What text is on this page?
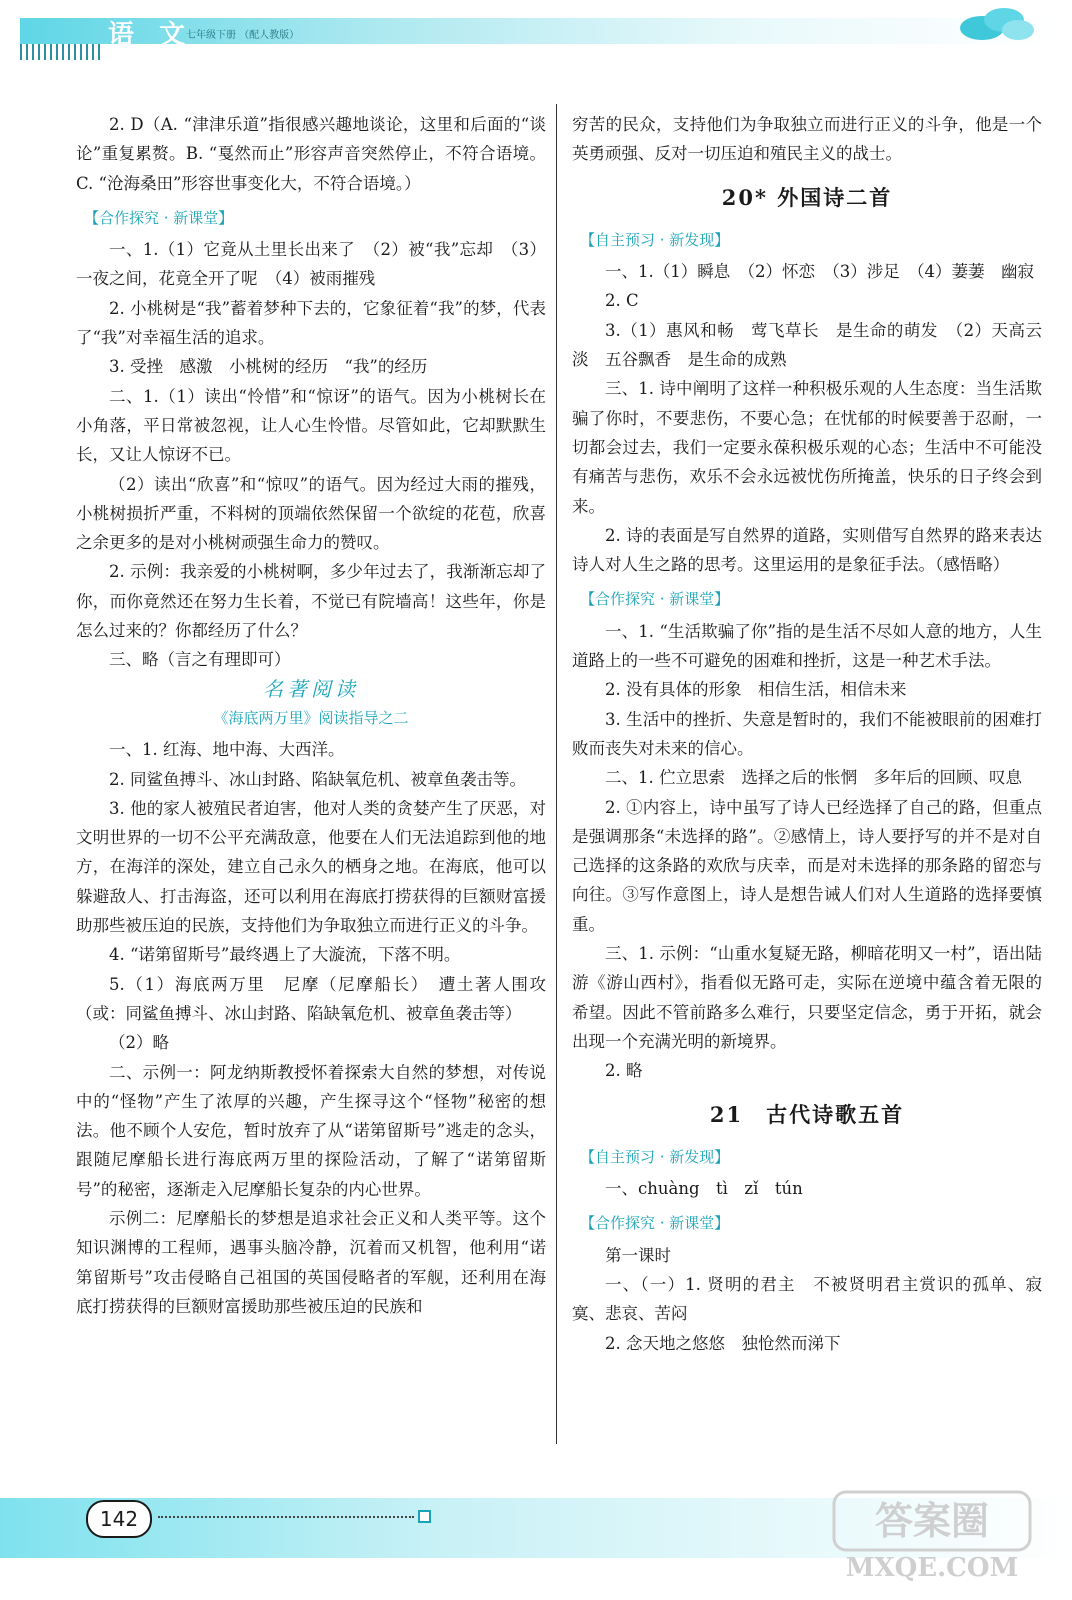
语 文
七年级下册 （配人教版）

2. D（A. “津津乐道”指很感兴趣地谈论，这里和后面的“谈论”重复累赘。B. “戛然而止”形容声音突然停止，不符合语境。C. “沧海桑田”形容世事变化大，不符合语境。）

【合作探究 · 新课堂】

一、1.（1）它竟从土里长出来了　（2）被“我”忘却　（3）一夜之间，花竟全开了呢　（4）被雨摧残

2. 小桃树是“我”蓄着梦种下去的，它象征着“我”的梦，代表了“我”对幸福生活的追求。

3. 受挫　感激　小桃树的经历　“我”的经历

二、1.（1）读出“怜惜”和“惊讶”的语气。因为小桃树长在小角落，平日常被忽视，让人心生怜惜。尽管如此，它却默默生长，又让人惊讶不已。

（2）读出“欣喜”和“惊叹”的语气。因为经过大雨的摧残，小桃树损折严重，不料树的顶端依然保留一个欲绽的花苞，欣喜之余更多的是对小桃树顽强生命力的赞叹。

2. 示例：我亲爱的小桃树啊，多少年过去了，我渐渐忘却了你，而你竟然还在努力生长着，不觉已有院墙高！这些年，你是怎么过来的？你都经历了什么？

三、略（言之有理即可）

名著阅读
《海底两万里》阅读指导之二

一、1. 红海、地中海、大西洋。

2. 同鲨鱼搏斗、冰山封路、陷缺氧危机、被章鱼袭击等。

3. 他的家人被殖民者迫害，他对人类的贪婪产生了厌恶，对文明世界的一切不公平充满敌意，他要在人们无法追踪到他的地方，在海洋的深处，建立自己永久的栖身之地。在海底，他可以躲避敌人、打击海盗，还可以利用在海底打捞获得的巨额财富援助那些被压迫的民族，支持他们为争取独立而进行正义的斗争。

4. “诺第留斯号”最终遇上了大漩流，下落不明。

5.（1）海底两万里　尼摩（尼摩船长）　遭土著人围攻（或：同鲨鱼搏斗、冰山封路、陷缺氧危机、被章鱼袭击等）

（2）略

二、示例一：阿龙纳斯教授怀着探索大自然的梦想，对传说中的“怪物”产生了浓厚的兴趣，产生探寻这个“怪物”秘密的想法。他不顾个人安危，暂时放弃了从“诺第留斯号”逃走的念头，跟随尼摩船长进行海底两万里的探险活动，了解了“诺第留斯号”的秘密，逐渐走入尼摩船长复杂的内心世界。

示例二：尼摩船长的梦想是追求社会正义和人类平等。这个知识渊博的工程师，遇事头脑冷静，沉着而又机智，他利用“诺第留斯号”攻击侵略自己祖国的英国侵略者的军舰，还利用在海底打捞获得的巨额财富援助那些被压迫的民族和

穷苦的民众，支持他们为争取独立而进行正义的斗争，他是一个英勇顽强、反对一切压迫和殖民主义的战士。

20* 外国诗二首
【自主预习 · 新发现】

一、1.（1）瞬息　（2）怀恋　（3）涉足　（4）萋萋　幽寂

2. C

3.（1）惠风和畅　莺飞草长　是生命的萌发　（2）天高云淡　五谷飘香　是生命的成熟

三、1. 诗中阐明了这样一种积极乐观的人生态度：当生活欺骗了你时，不要悲伤，不要心急；在忧郁的时候要善于忍耐，一切都会过去，我们一定要永葆积极乐观的心态；生活中不可能没有痛苦与悲伤，欢乐不会永远被忧伤所掩盖，快乐的日子终会到来。

2. 诗的表面是写自然界的道路，实则借写自然界的路来表达诗人对人生之路的思考。这里运用的是象征手法。（感悟略）

【合作探究 · 新课堂】

一、1. “生活欺骗了你”指的是生活不尽如人意的地方，人生道路上的一些不可避免的困难和挫折，这是一种艺术手法。

2. 没有具体的形象　相信生活，相信未来

3. 生活中的挫折、失意是暂时的，我们不能被眼前的困难打败而丧失对未来的信心。

二、1. 伫立思索　选择之后的怅惘　多年后的回顾、叹息

2. ①内容上，诗中虽写了诗人已经选择了自己的路，但重点是强调那条“未选择的路”。②感情上，诗人要抒写的并不是对自己选择的这条路的欢欣与庆幸，而是对未选择的那条路的留恋与向往。③写作意图上，诗人是想告诫人们对人生道路的选择要慎重。

三、1. 示例：“山重水复疑无路，柳暗花明又一村”，语出陆游《游山西村》，指看似无路可走，实际在逆境中蕴含着无限的希望。因此不管前路多么难行，只要坚定信念，勇于开拓，就会出现一个充满光明的新境界。

2. 略

21　古代诗歌五首
【自主预习 · 新发现】

一、chuàng　tì　zǐ　tún

【合作探究 · 新课堂】

第一课时

一、（一）1. 贤明的君主　不被贤明君主赏识的孤单、寂寞、悲哀、苦闷

2. 念天地之悠悠　独怆然而涕下

142	答案圈
MXQE.COM
